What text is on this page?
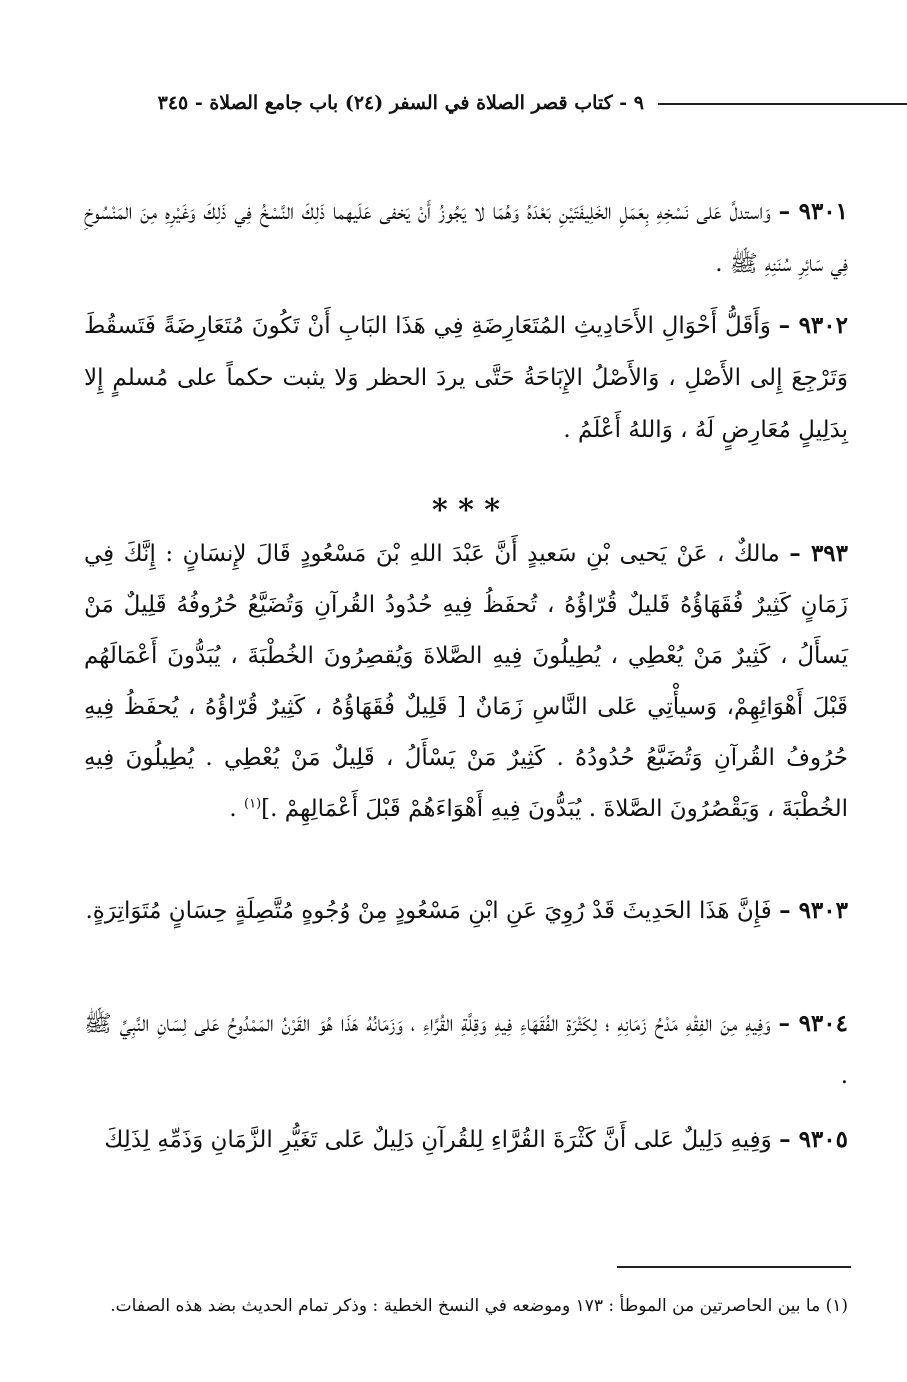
٩ - كتاب قصر الصلاة في السفر (٢٤) باب جامع الصلاة - ٣٤٥
٩٣٠١ – وَاستدلَّ عَلى نَسْخِهِ بِعَمَلِ الخَلِيفَتَيْنِ بَعْدَهُ وَهُمَا لا يَجُوزُ أَنْ يَخفى عَلَيهما ذَلِكَ النَّسْخُ فِي ذَلِكَ وَغَيْرِهِ مِنَ المَنْسُوخِ فِي سَائِرِ سُنَنِهِ ﷺ .
٩٣٠٢ – وَأَقَلُّ أَحْوَالِ الأَحَادِيثِ المُتَعَارِضَةِ فِي هَذَا البَابِ أَنْ تَكُونَ مُتَعَارِضَةً فَتَسقُطَ وَتَرْجِعَ إِلى الأَصْلِ ، وَالأَصْلُ الإِبَاحَةُ حَتَّى يردَ الحظر وَلا يثبت حكماً على مُسلمٍ إِلا بِدَلِيلٍ مُعَارِضٍ لَهُ ، وَاللهُ أَعْلَمُ .
* * *
٣٩٣ – مالكٌ ، عَنْ يَحيى بْنِ سَعيدٍ أَنَّ عَبْدَ اللهِ بْنَ مَسْعُودٍ قَالَ لإِنسَانٍ : إِنَّكَ فِي زَمَانٍ كَثِيرٌ فُقَهَاؤُهُ قَليلٌ قُرّاؤُهُ ، تُحفَظُ فِيهِ حُدُودُ القُرآنِ وَتُضَيَّعُ حُرُوفُهُ قَلِيلٌ مَنْ يَسأَلُ ، كَثِيرٌ مَنْ يُعْطِي ، يُطِيلُونَ فِيهِ الصَّلاةَ وَيُقصِرُونَ الخُطْبَةَ ، يُبَدُّونَ أَعْمَالَهُم قَبْلَ أَهْوَائِهِمْ، وَسيأْتِي عَلى النَّاسِ زَمَانٌ [ قَلِيلٌ فُقَهَاؤُهُ ، كَثِيرٌ قُرّاؤُهُ ، يُحفَظُ فِيهِ حُرُوفُ القُرآنِ وَتُضَيَّعُ حُدُودُهُ . كَثِيرٌ مَنْ يَسْأَلُ ، قَلِيلٌ مَنْ يُعْطِي . يُطِيلُونَ فِيهِ الخُطْبَةَ ، وَيَقْصُرُونَ الصَّلاةَ . يُبَدُّونَ فِيهِ أَهْوَاءَهُمْ قَبْلَ أَعْمَالِهِمْ .]$^{(١)}$ .
٩٣٠٣ – فَإِنَّ هَذَا الحَدِيثَ قَدْ رُوِيَ عَنِ ابْنِ مَسْعُودٍ مِنْ وُجُوهٍ مُتَّصِلَةٍ حِسَانٍ مُتَوَاتِرَةٍ.
٩٣٠٤ – وَفِيهِ مِنَ الفِقْهِ مَدْحُ زَمَانِهِ ؛ لِكَثْرَةِ الفُقَهَاءِ فِيهِ وَقِلَّةِ القُرَّاءِ ، وَزَمَانُهُ هَذَا هُوَ القَرْنُ المَمْدُوحُ عَلى لِسَانِ النَّبِيِّ ﷺ .
٩٣٠٥ – وَفِيهِ دَلِيلٌ عَلى أَنَّ كَثْرَةَ القُرَّاءِ لِلقُرآنِ دَلِيلٌ عَلى تَغَيُّرِ الزَّمَانِ وَذَمِّهِ لِذَلِكَ
(١) ما بين الحاصرتين من الموطأ : ١٧٣ وموضعه في النسخ الخطية : وذكر تمام الحديث بضد هذه الصفات.
